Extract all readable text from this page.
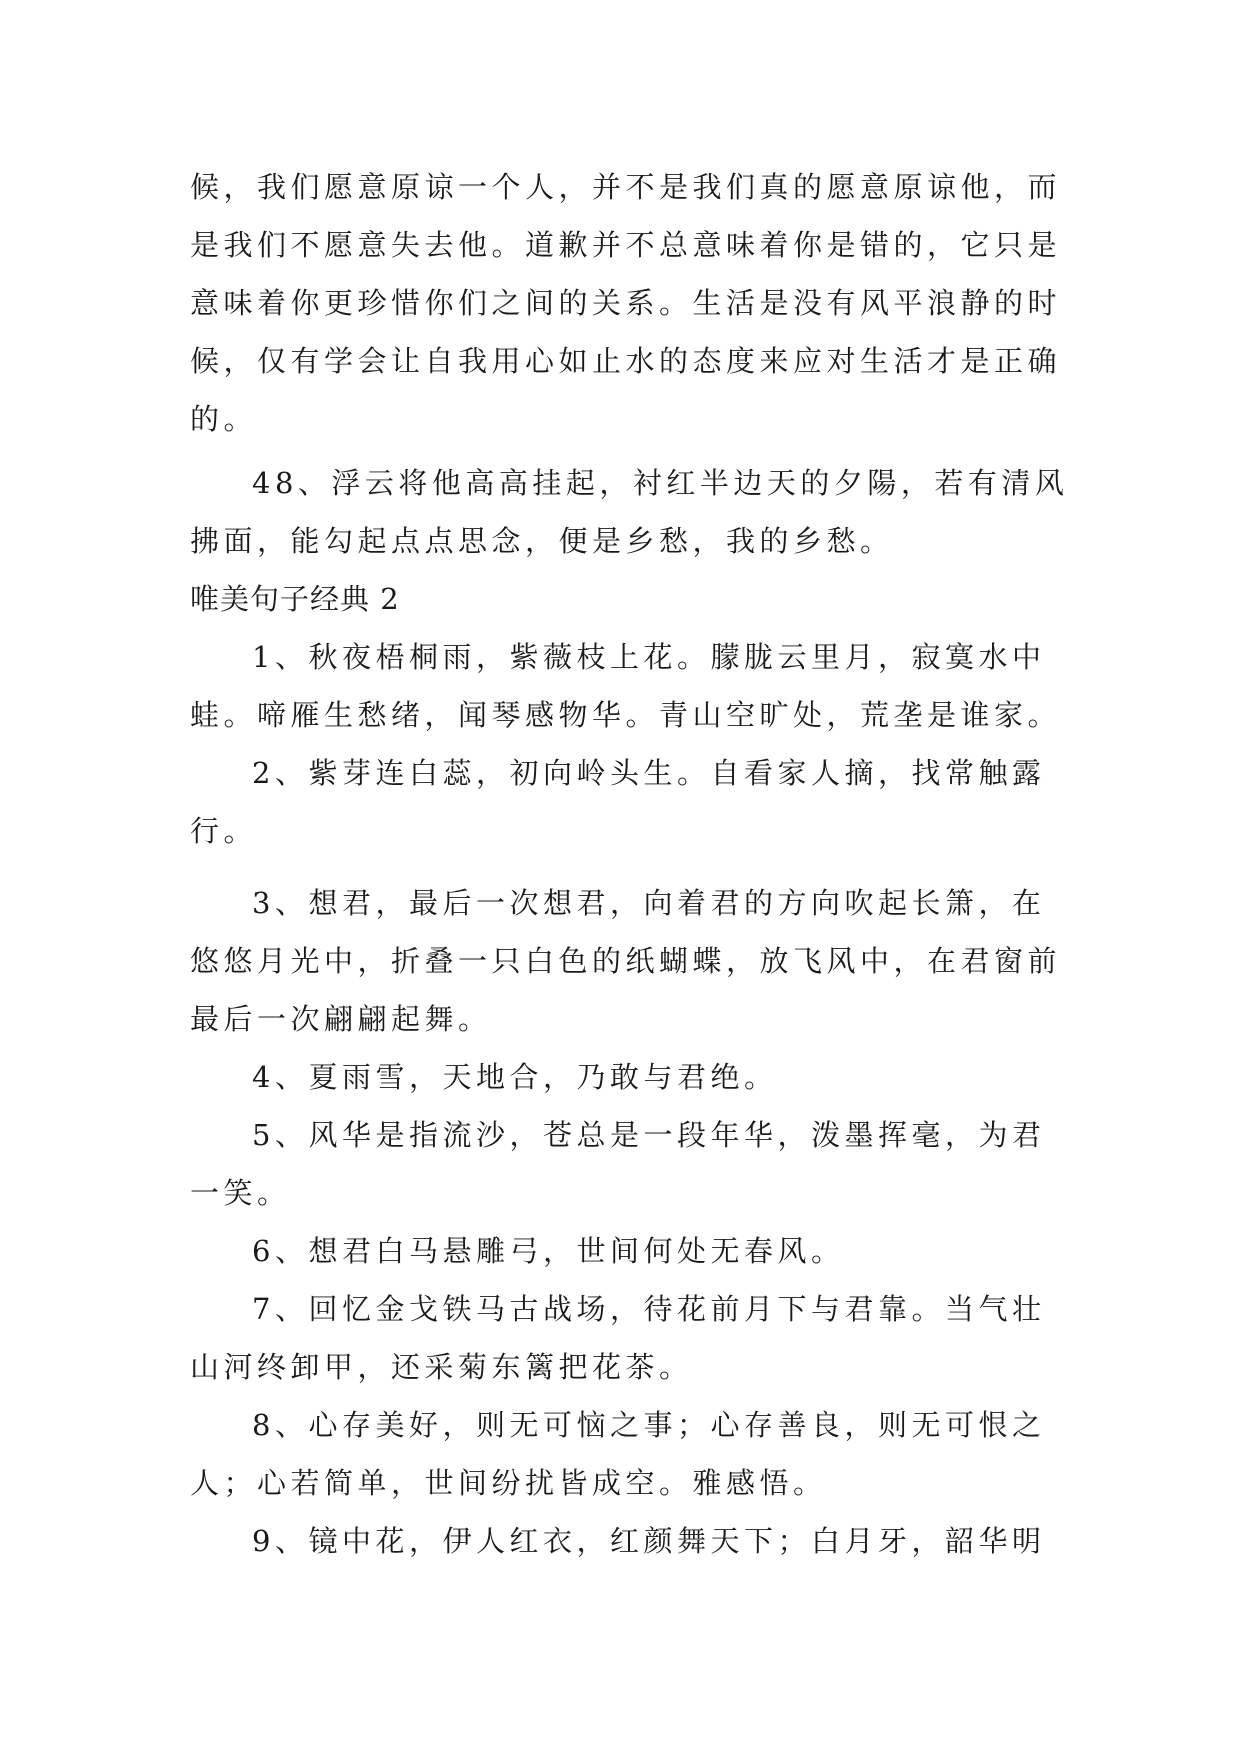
候，我们愿意原谅一个人，并不是我们真的愿意原谅他，而
是我们不愿意失去他。道歉并不总意味着你是错的，它只是
意味着你更珍惜你们之间的关系。生活是没有风平浪静的时
候，仅有学会让自我用心如止水的态度来应对生活才是正确
的。
48、浮云将他高高挂起，衬红半边天的夕陽，若有清风
拂面，能勾起点点思念，便是乡愁，我的乡愁。
唯美句子经典 2
1、秋夜梧桐雨，紫薇枝上花。朦胧云里月，寂寞水中
蛙。啼雁生愁绪，闻琴感物华。青山空旷处，荒垄是谁家。
2、紫芽连白蕊，初向岭头生。自看家人摘，找常触露
行。
3、想君，最后一次想君，向着君的方向吹起长箫，在
悠悠月光中，折叠一只白色的纸蝴蝶，放飞风中，在君窗前
最后一次翩翩起舞。
4、夏雨雪，天地合，乃敢与君绝。
5、风华是指流沙，苍总是一段年华，泼墨挥毫，为君
一笑。
6、想君白马悬雕弓，世间何处无春风。
7、回忆金戈铁马古战场，待花前月下与君靠。当气壮
山河终卸甲，还采菊东篱把花茶。
8、心存美好，则无可恼之事；心存善良，则无可恨之
人；心若简单，世间纷扰皆成空。雅感悟。
9、镜中花，伊人红衣，红颜舞天下；白月牙，韶华明
